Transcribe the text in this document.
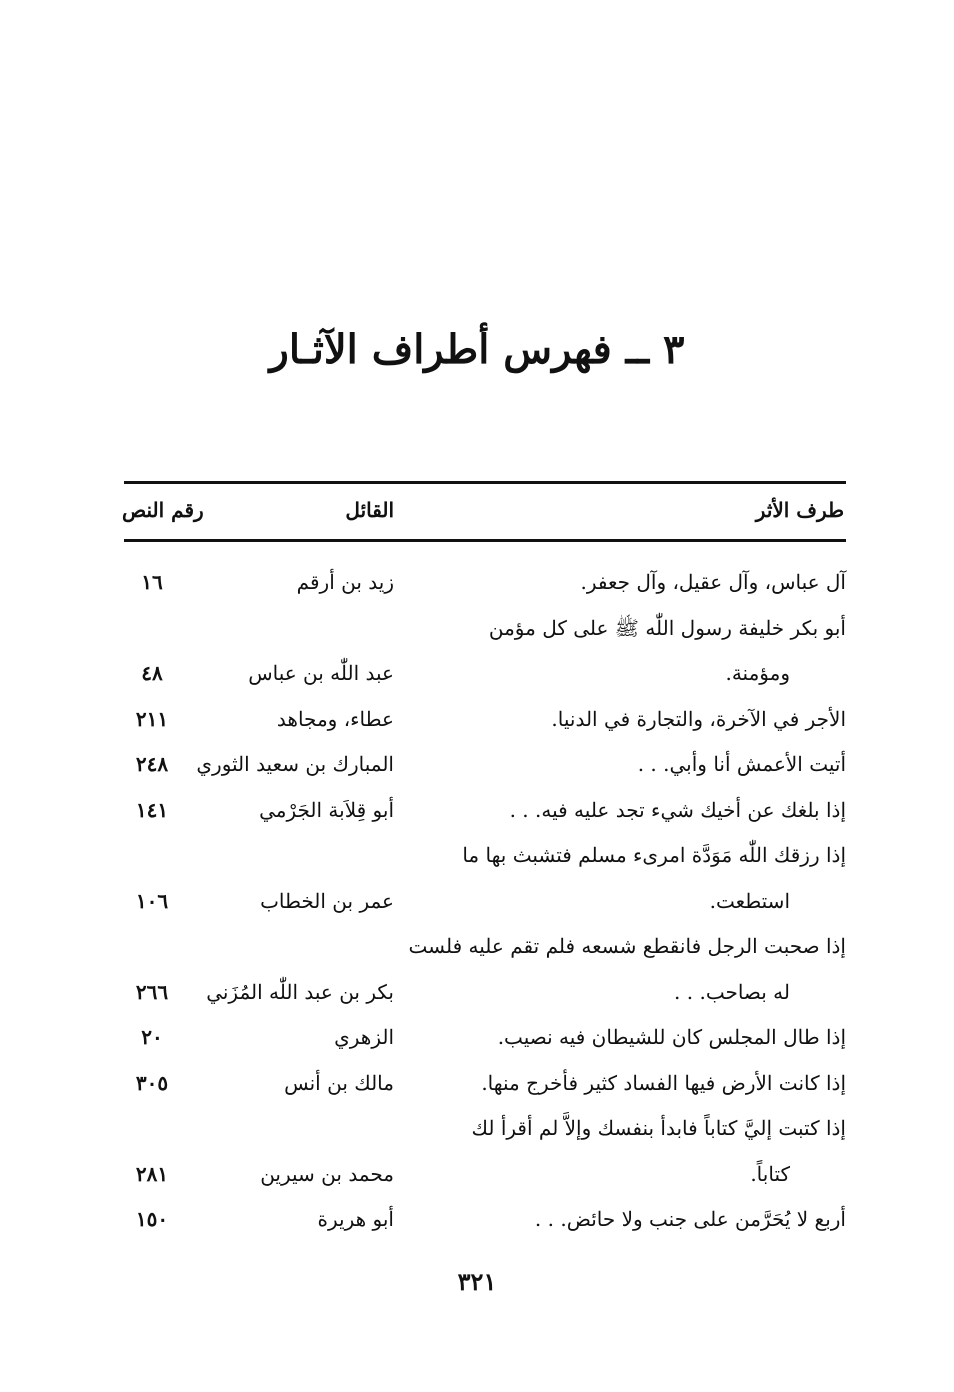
٣ ــ فهرس أطراف الآثـار
طرف الأثر
القائل
رقم النص
آل عباس، وآل عقيل، وآل جعفر.
زيد بن أرقم
١٦
أبو بكر خليفة رسول اللّٰه ﷺ على كل مؤمن
ومؤمنة.
عبد اللّٰه بن عباس
٤٨
الأجر في الآخرة، والتجارة في الدنيا.
عطاء، ومجاهد
٢١١
أتيت الأعمش أنا وأبي. . .
المبارك بن سعيد الثوري
٢٤٨
إذا بلغك عن أخيك شيء تجد عليه فيه. . .
أبو قِلاَبة الجَرْمي
١٤١
إذا رزقك اللّٰه مَوَدَّة امرىء مسلم فتشبث بها ما
استطعت.
عمر بن الخطاب
١٠٦
إذا صحبت الرجل فانقطع شسعه فلم تقم عليه فلست
له بصاحب. . .
بكر بن عبد اللّٰه المُزَني
٢٦٦
إذا طال المجلس كان للشيطان فيه نصيب.
الزهري
٢٠
إذا كانت الأرض فيها الفساد كثير فأخرج منها.
مالك بن أنس
٣٠٥
إذا كتبت إليَّ كتاباً فابدأ بنفسك وإلاَّ لم أقرأ لك
كتاباً.
محمد بن سيرين
٢٨١
أربع لا يُحَرَّمن على جنب ولا حائض. . .
أبو هريرة
١٥٠
٣٢١
